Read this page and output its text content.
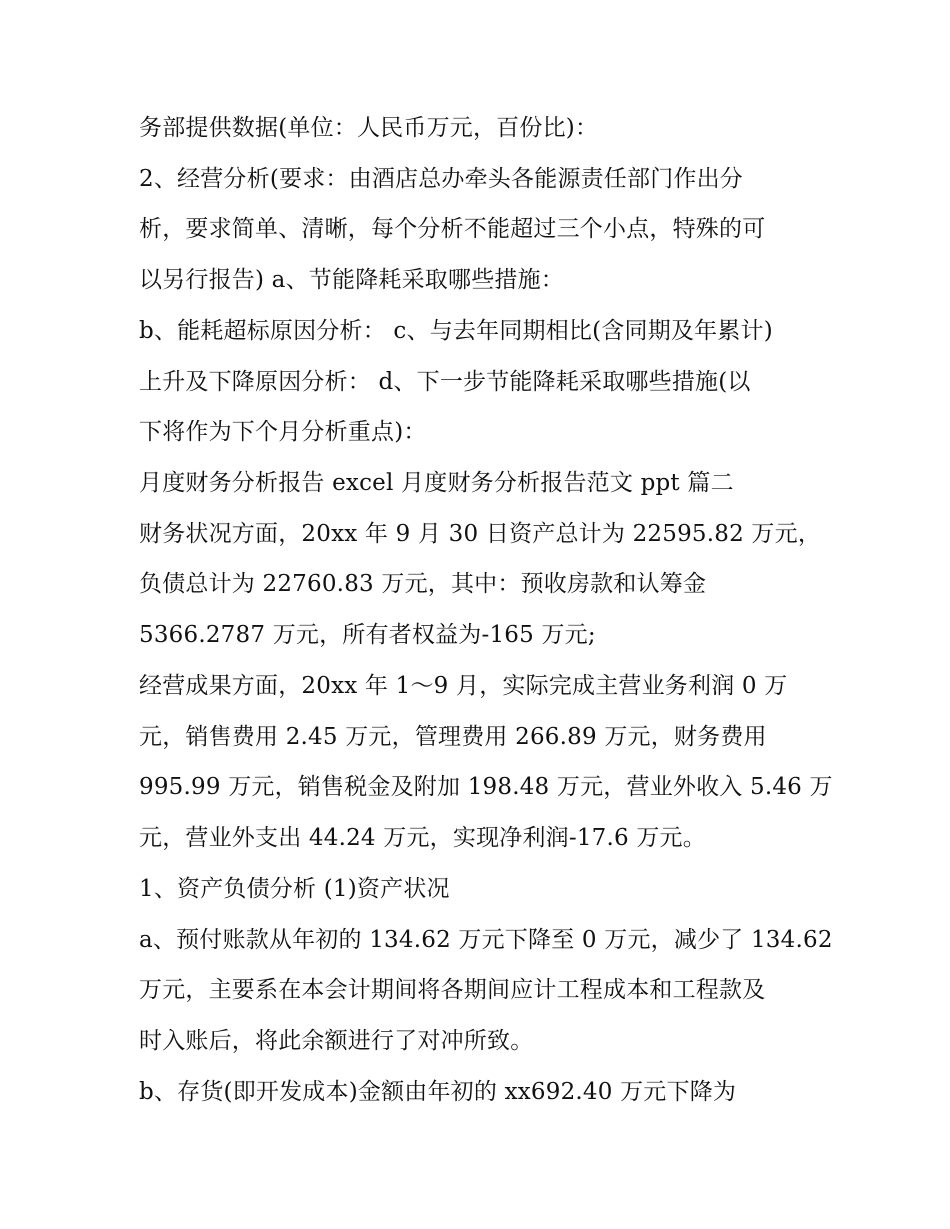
务部提供数据(单位：人民币万元，百份比)：
2、经营分析(要求：由酒店总办牵头各能源责任部门作出分
析，要求简单、清晰，每个分析不能超过三个小点，特殊的可
以另行报告) a、节能降耗采取哪些措施：
b、能耗超标原因分析： c、与去年同期相比(含同期及年累计)
上升及下降原因分析： d、下一步节能降耗采取哪些措施(以
下将作为下个月分析重点)：
月度财务分析报告 excel 月度财务分析报告范文 ppt 篇二
财务状况方面，20xx 年 9 月 30 日资产总计为 22595.82 万元，
负债总计为 22760.83 万元，其中：预收房款和认筹金
5366.2787 万元，所有者权益为-165 万元;
经营成果方面，20xx 年 1～9 月，实际完成主营业务利润 0 万
元，销售费用 2.45 万元，管理费用 266.89 万元，财务费用
995.99 万元，销售税金及附加 198.48 万元，营业外收入 5.46 万
元，营业外支出 44.24 万元，实现净利润-17.6 万元。
1、资产负债分析 (1)资产状况
a、预付账款从年初的 134.62 万元下降至 0 万元，减少了 134.62
万元，主要系在本会计期间将各期间应计工程成本和工程款及
时入账后，将此余额进行了对冲所致。
b、存货(即开发成本)金额由年初的 xx692.40 万元下降为
